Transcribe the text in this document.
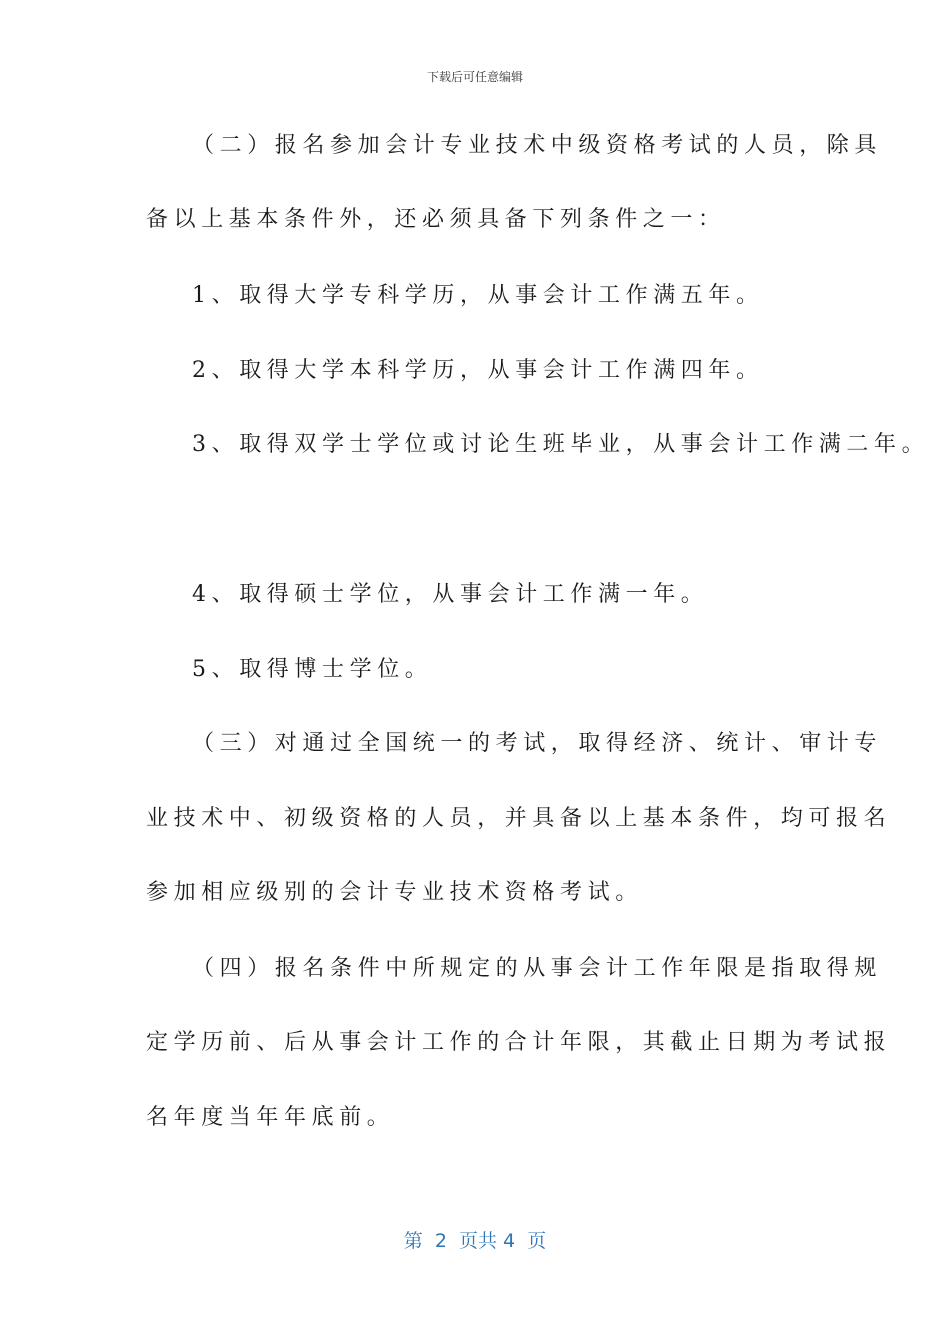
下载后可任意编辑
（二）报名参加会计专业技术中级资格考试的人员，除具
备以上基本条件外，还必须具备下列条件之一：
1、取得大学专科学历，从事会计工作满五年。
2、取得大学本科学历，从事会计工作满四年。
3、取得双学士学位或讨论生班毕业，从事会计工作满二年。
4、取得硕士学位，从事会计工作满一年。
5、取得博士学位。
（三）对通过全国统一的考试，取得经济、统计、审计专
业技术中、初级资格的人员，并具备以上基本条件，均可报名
参加相应级别的会计专业技术资格考试。
（四）报名条件中所规定的从事会计工作年限是指取得规
定学历前、后从事会计工作的合计年限，其截止日期为考试报
名年度当年年底前。
第  2  页共 4  页
